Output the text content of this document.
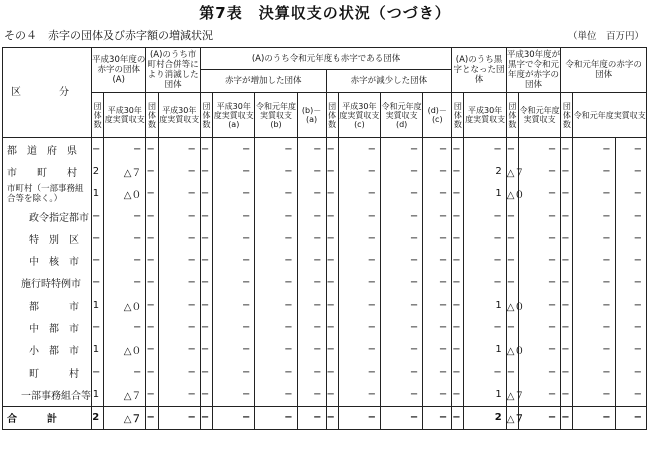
第7表　決算収支の状況（つづき）
その４　赤字の団体及び赤字額の増減状況	（単位　百万円）
区　分	平成30年度の赤字の団体(A)		(A)のうち市町村合併等により消滅した団体		(A)のうち令和元年度も赤字である団体								(A)のうち黒字となった団体		平成30年度が黒字で令和元年度が赤字の団体		令和元年度の赤字の団体		
					赤字が増加した団体				赤字が減少した団体										
	団体数	平成30年度実質収支	団体数	平成30年度実質収支	団体数	平成30年度実質収支(a)	令和元年度実質収支(b)	(b)－(a)	団体数	平成30年度実質収支(c)	令和元年度実質収支(d)	(d)－(c)	団体数	平成30年度実質収支	団体数	令和元年度実質収支	団体数	令和元年度実質収支	
都　道　府　県	−	−	−	−	−	−	−	−	−	−	−	−	−	−	−	−	−	−	−
市　　町　　村	2	△７	−	−	−	−	−	−	−	−	−	−	−	2	△７	−	−	−	−
市町村（一部事務組合等を除く。）	1	△０	−	−	−	−	−	−	−	−	−	−	−	1	△０	−	−	−	−
政令指定都市	−	−	−	−	−	−	−	−	−	−	−	−	−	−	−	−	−	−	−
特　別　区	−	−	−	−	−	−	−	−	−	−	−	−	−	−	−	−	−	−	−
中　核　市	−	−	−	−	−	−	−	−	−	−	−	−	−	−	−	−	−	−	−
施行時特例市	−	−	−	−	−	−	−	−	−	−	−	−	−	−	−	−	−	−	−
都　　　市	1	△０	−	−	−	−	−	−	−	−	−	−	−	1	△０	−	−	−	−
中　都　市	−	−	−	−	−	−	−	−	−	−	−	−	−	−	−	−	−	−	−
小　都　市	1	△０	−	−	−	−	−	−	−	−	−	−	−	1	△０	−	−	−	−
町　　　村	−	−	−	−	−	−	−	−	−	−	−	−	−	−	−	−	−	−	−
一部事務組合等	1	△７	−	−	−	−	−	−	−	−	−	−	−	1	△７	−	−	−	−
合　　　計	2	△７	−	−	−	−	−	−	−	−	−	−	−	2	△７	−	−	−	−
